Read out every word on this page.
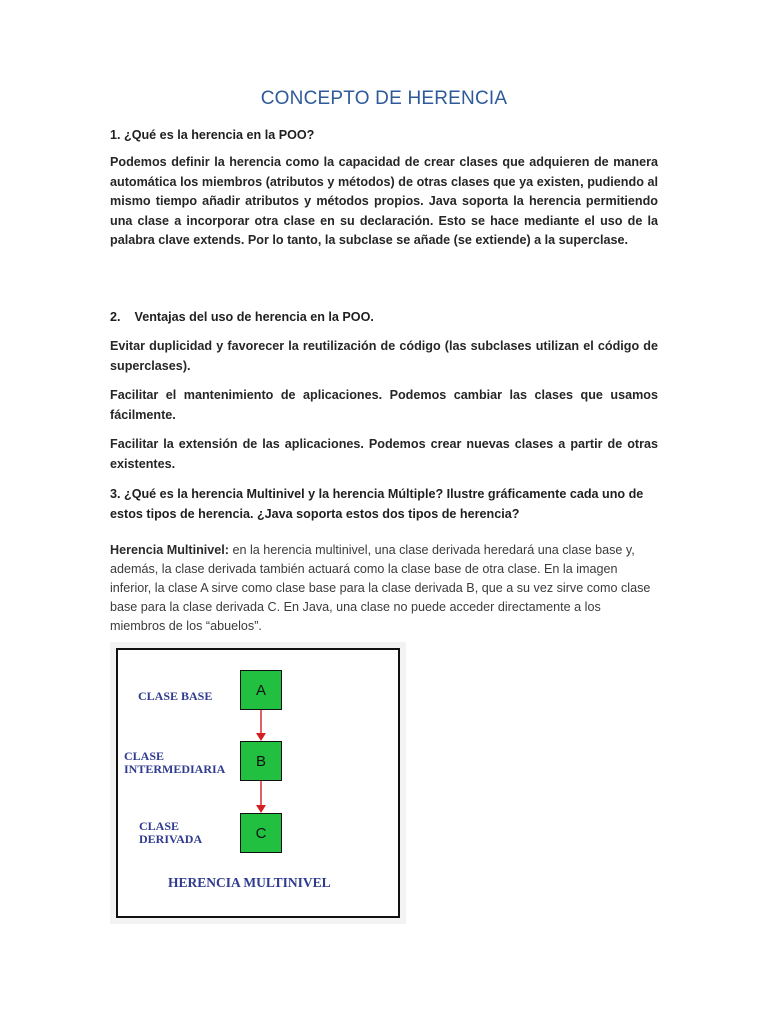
CONCEPTO DE HERENCIA
1. ¿Qué es la herencia en la POO?
Podemos definir la herencia como la capacidad de crear clases que adquieren de manera automática los miembros (atributos y métodos) de otras clases que ya existen, pudiendo al mismo tiempo añadir atributos y métodos propios. Java soporta la herencia permitiendo una clase a incorporar otra clase en su declaración. Esto se hace mediante el uso de la palabra clave extends. Por lo tanto, la subclase se añade (se extiende) a la superclase.
2. Ventajas del uso de herencia en la POO.
Evitar duplicidad y favorecer la reutilización de código (las subclases utilizan el código de superclases).
Facilitar el mantenimiento de aplicaciones. Podemos cambiar las clases que usamos fácilmente.
Facilitar la extensión de las aplicaciones. Podemos crear nuevas clases a partir de otras existentes.
3. ¿Qué es la herencia Multinivel y la herencia Múltiple? Ilustre gráficamente cada uno de estos tipos de herencia. ¿Java soporta estos dos tipos de herencia?
Herencia Multinivel: en la herencia multinivel, una clase derivada heredará una clase base y, además, la clase derivada también actuará como la clase base de otra clase. En la imagen inferior, la clase A sirve como clase base para la clase derivada B, que a su vez sirve como clase base para la clase derivada C. En Java, una clase no puede acceder directamente a los miembros de los “abuelos”.
CLASE BASE
CLASE
INTERMEDIARIA
CLASE
DERIVADA
A
B
C
HERENCIA MULTINIVEL
